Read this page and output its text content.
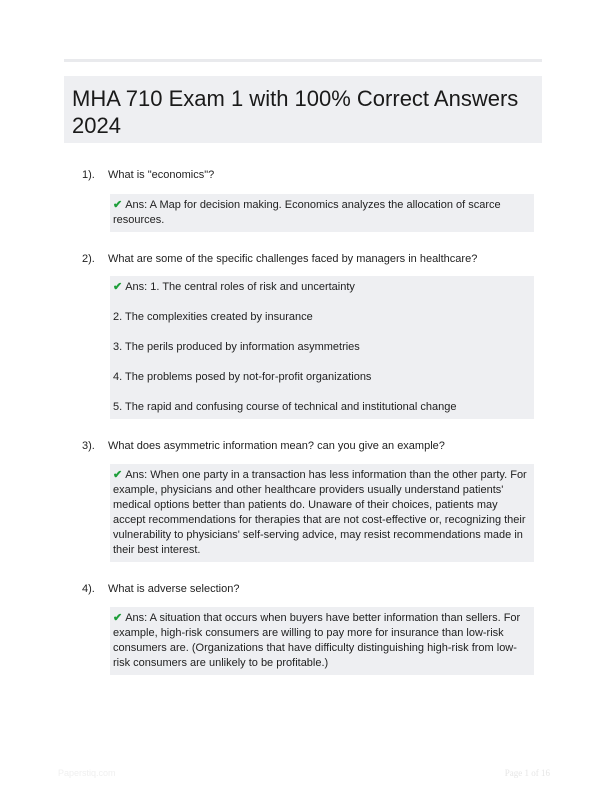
MHA 710 Exam 1 with 100% Correct Answers 2024
1). What is "economics"?

✔ Ans: A Map for decision making. Economics analyzes the allocation of scarce resources.

2). What are some of the specific challenges faced by managers in healthcare?

✔ Ans: 1. The central roles of risk and uncertainty

2. The complexities created by insurance

3. The perils produced by information asymmetries

4. The problems posed by not-for-profit organizations

5. The rapid and confusing course of technical and institutional change

3). What does asymmetric information mean? can you give an example?

✔ Ans: When one party in a transaction has less information than the other party. For example, physicians and other healthcare providers usually understand patients' medical options better than patients do. Unaware of their choices, patients may accept recommendations for therapies that are not cost-effective or, recognizing their vulnerability to physicians' self-serving advice, may resist recommendations made in their best interest.

4). What is adverse selection?

✔ Ans: A situation that occurs when buyers have better information than sellers. For example, high-risk consumers are willing to pay more for insurance than low-risk consumers are. (Organizations that have difficulty distinguishing high-risk from low-risk consumers are unlikely to be profitable.)

Paperstiq.com	Page 1 of 16
